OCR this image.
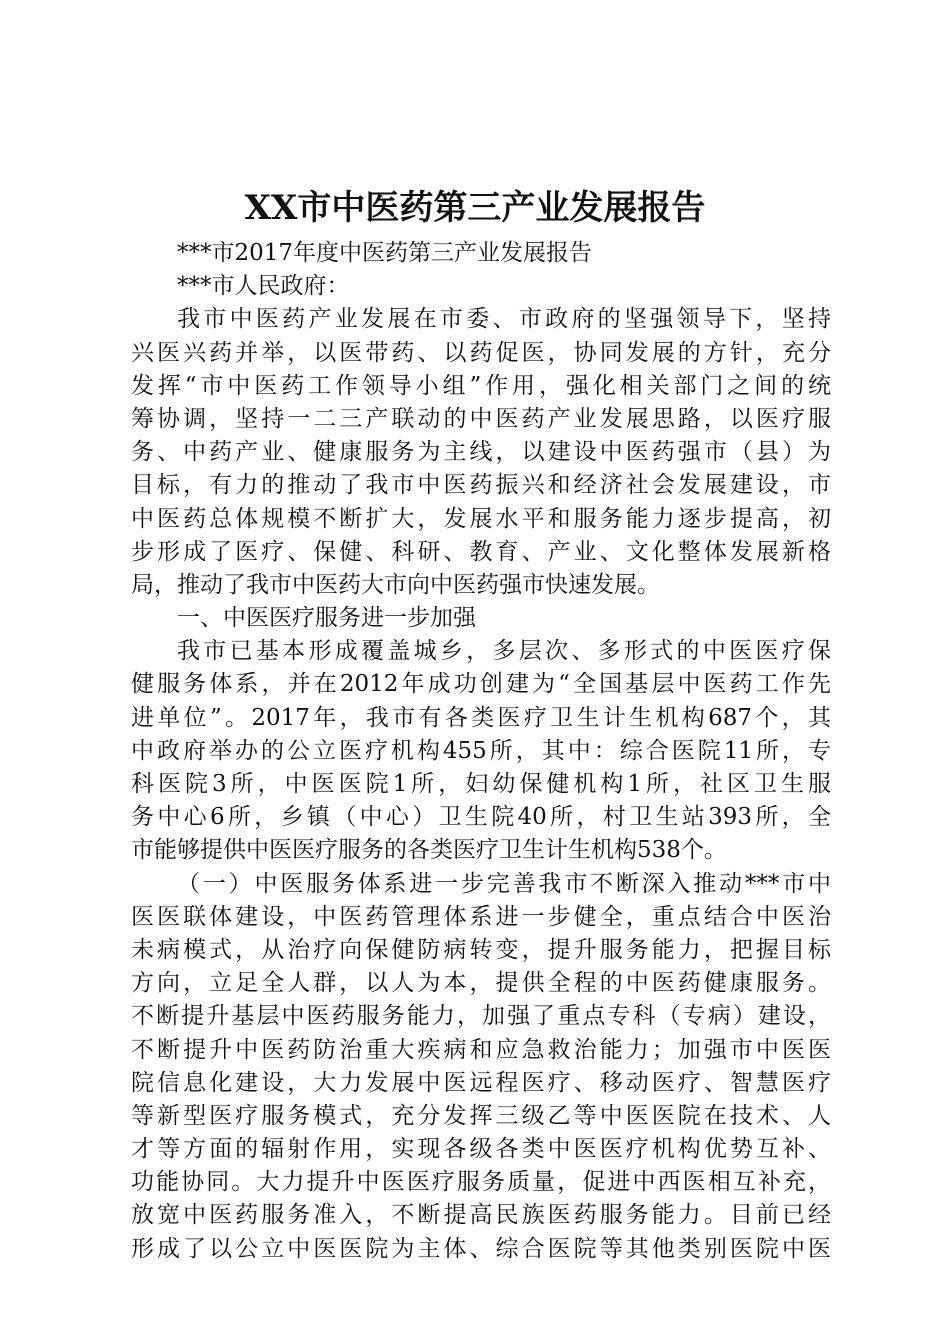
XX市中医药第三产业发展报告
***市2017年度中医药第三产业发展报告
***市人民政府：
我市中医药产业发展在市委、市政府的坚强领导下，坚持
兴医兴药并举，以医带药、以药促医，协同发展的方针，充分
发挥“市中医药工作领导小组”作用，强化相关部门之间的统
筹协调，坚持一二三产联动的中医药产业发展思路，以医疗服
务、中药产业、健康服务为主线，以建设中医药强市（县）为
目标，有力的推动了我市中医药振兴和经济社会发展建设，市
中医药总体规模不断扩大，发展水平和服务能力逐步提高，初
步形成了医疗、保健、科研、教育、产业、文化整体发展新格
局，推动了我市中医药大市向中医药强市快速发展。
一、中医医疗服务进一步加强
我市已基本形成覆盖城乡，多层次、多形式的中医医疗保
健服务体系，并在2012年成功创建为“全国基层中医药工作先
进单位”。2017年，我市有各类医疗卫生计生机构687个，其
中政府举办的公立医疗机构455所，其中：综合医院11所，专
科医院3所，中医医院1所，妇幼保健机构1所，社区卫生服
务中心6所，乡镇（中心）卫生院40所，村卫生站393所，全
市能够提供中医医疗服务的各类医疗卫生计生机构538个。
（一）中医服务体系进一步完善我市不断深入推动***市中
医医联体建设，中医药管理体系进一步健全，重点结合中医治
未病模式，从治疗向保健防病转变，提升服务能力，把握目标
方向，立足全人群，以人为本，提供全程的中医药健康服务。
不断提升基层中医药服务能力，加强了重点专科（专病）建设，
不断提升中医药防治重大疾病和应急救治能力；加强市中医医
院信息化建设，大力发展中医远程医疗、移动医疗、智慧医疗
等新型医疗服务模式，充分发挥三级乙等中医医院在技术、人
才等方面的辐射作用，实现各级各类中医医疗机构优势互补、
功能协同。大力提升中医医疗服务质量，促进中西医相互补充，
放宽中医药服务准入，不断提高民族医药服务能力。目前已经
形成了以公立中医医院为主体、综合医院等其他类别医院中医
